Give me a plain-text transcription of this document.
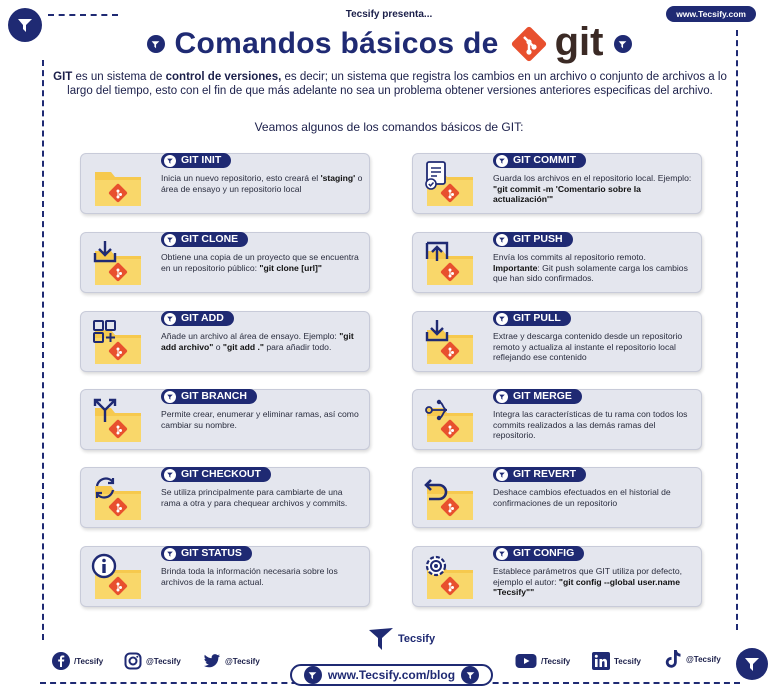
Tecsify presenta...	www.Tecsify.com
Comandos básicos de git
GIT es un sistema de control de versiones, es decir; un sistema que registra los cambios en un archivo o conjunto de archivos a lo largo del tiempo, esto con el fin de que más adelante no sea un problema obtener versiones anteriores especificas del archivo.
Veamos algunos de los comandos básicos de GIT:
GIT INIT
Inicia un nuevo repositorio, esto creará el 'staging' o área de ensayo y un repositorio local
GIT COMMIT
Guarda los archivos en el repositorio local. Ejemplo: "git commit -m 'Comentario sobre la actualización'"
GIT CLONE
Obtiene una copia de un proyecto que se encuentra en un repositorio público: "git clone [url]"
GIT PUSH
Envía los commits al repositorio remoto. Importante: Git push solamente carga los cambios que han sido confirmados.
GIT ADD
Añade un archivo al área de ensayo. Ejemplo: "git add archivo" o "git add ." para añadir todo.
GIT PULL
Extrae y descarga contenido desde un repositorio remoto y actualiza al instante el repositorio local reflejando ese contenido
GIT BRANCH
Permite crear, enumerar y eliminar ramas, así como cambiar su nombre.
GIT MERGE
Integra las características de tu rama con todos los commits realizados a las demás ramas del repositorio.
GIT CHECKOUT
Se utiliza principalmente para cambiarte de una rama a otra y para chequear archivos y commits.
GIT REVERT
Deshace cambios efectuados en el historial de confirmaciones de un repositorio
GIT STATUS
Brinda toda la información necesaria sobre los archivos de la rama actual.
GIT CONFIG
Establece parámetros que GIT utiliza por defecto, ejemplo el autor: "git config --global user.name "Tecsify""
Tecsify
/Tecsify	@Tecsify	@Tecsify	/Tecsify	Tecsify	@Tecsify
www.Tecsify.com/blog
